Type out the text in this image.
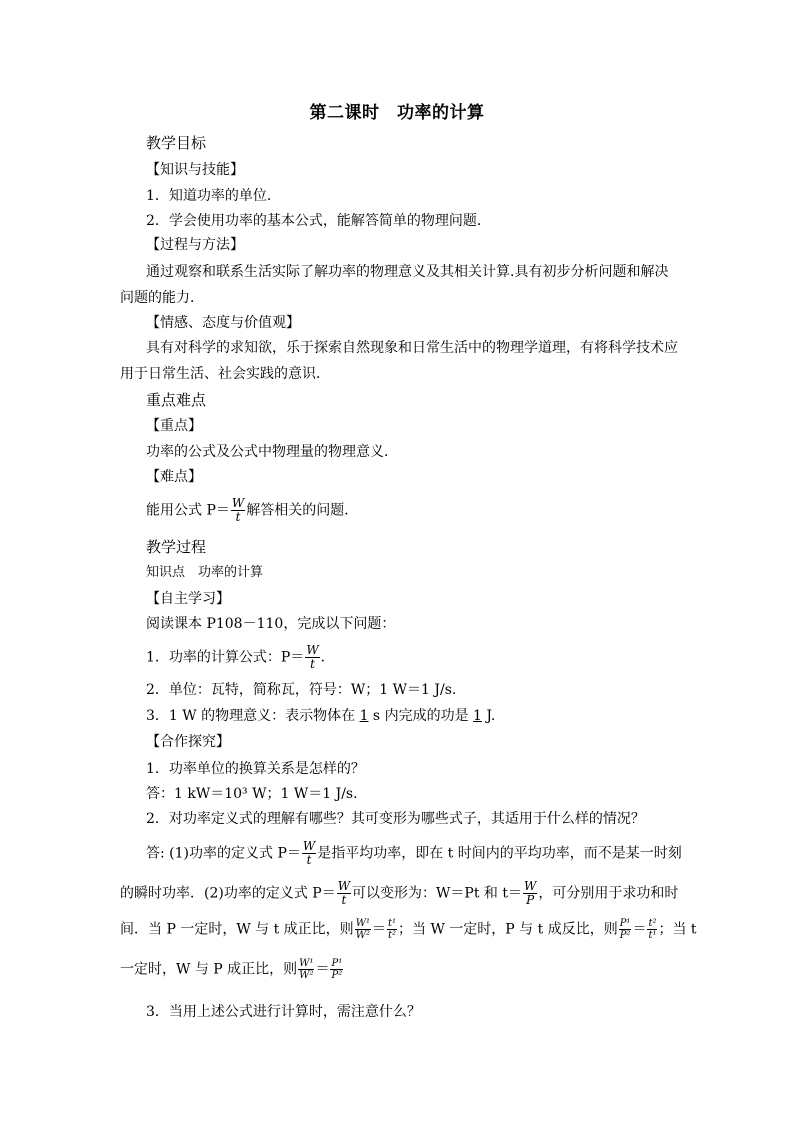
第二课时　功率的计算
教学目标
【知识与技能】
1．知道功率的单位．
2．学会使用功率的基本公式，能解答简单的物理问题．
【过程与方法】
通过观察和联系生活实际了解功率的物理意义及其相关计算.具有初步分析问题和解决
问题的能力．
【情感、态度与价值观】
具有对科学的求知欲，乐于探索自然现象和日常生活中的物理学道理，有将科学技术应
用于日常生活、社会实践的意识．
重点难点
【重点】
功率的公式及公式中物理量的物理意义．
【难点】
能用公式 $P= \frac{W}{t}$ 解答相关的问题．
教学过程
知识点　功率的计算
【自主学习】
阅读课本 P108－110，完成以下问题：
1．功率的计算公式：$P= \frac{W}{t}$ .
2．单位：瓦特，简称瓦，符号：W；1 W＝1 J/s.
3．1 W 的物理意义：表示物体在 1 s 内完成的功是 1 J.
【合作探究】
1．功率单位的换算关系是怎样的？
答：1 kW＝10³ W；1 W＝1 J/s.
2．对功率定义式的理解有哪些？其可变形为哪些式子，其适用于什么样的情况？
答: (1)功率的定义式 $P= \frac{W}{t}$ 是指平均功率，即在 t 时间内的平均功率，而不是某一时刻
的瞬时功率．(2)功率的定义式 $P= \frac{W}{t}$ 可以变形为：W＝Pt 和 $t= \frac{W}{P}$ ，可分别用于求功和时
间．当 P 一定时，W 与 t 成正比，则 $\frac{\text{W¹}}{\text{W²}} = \frac{\text{t¹}}{\text{t²}}$ ；当 W 一定时，P 与 t 成反比，则 $\frac{\text{P¹}}{\text{P²}} = \frac{\text{t²}}{\text{t¹}}$ ；当 t
一定时，W 与 P 成正比，则 $\frac{\text{W¹}}{\text{W²}} = \frac{\text{P¹}}{\text{P²}}$
3．当用上述公式进行计算时，需注意什么？
